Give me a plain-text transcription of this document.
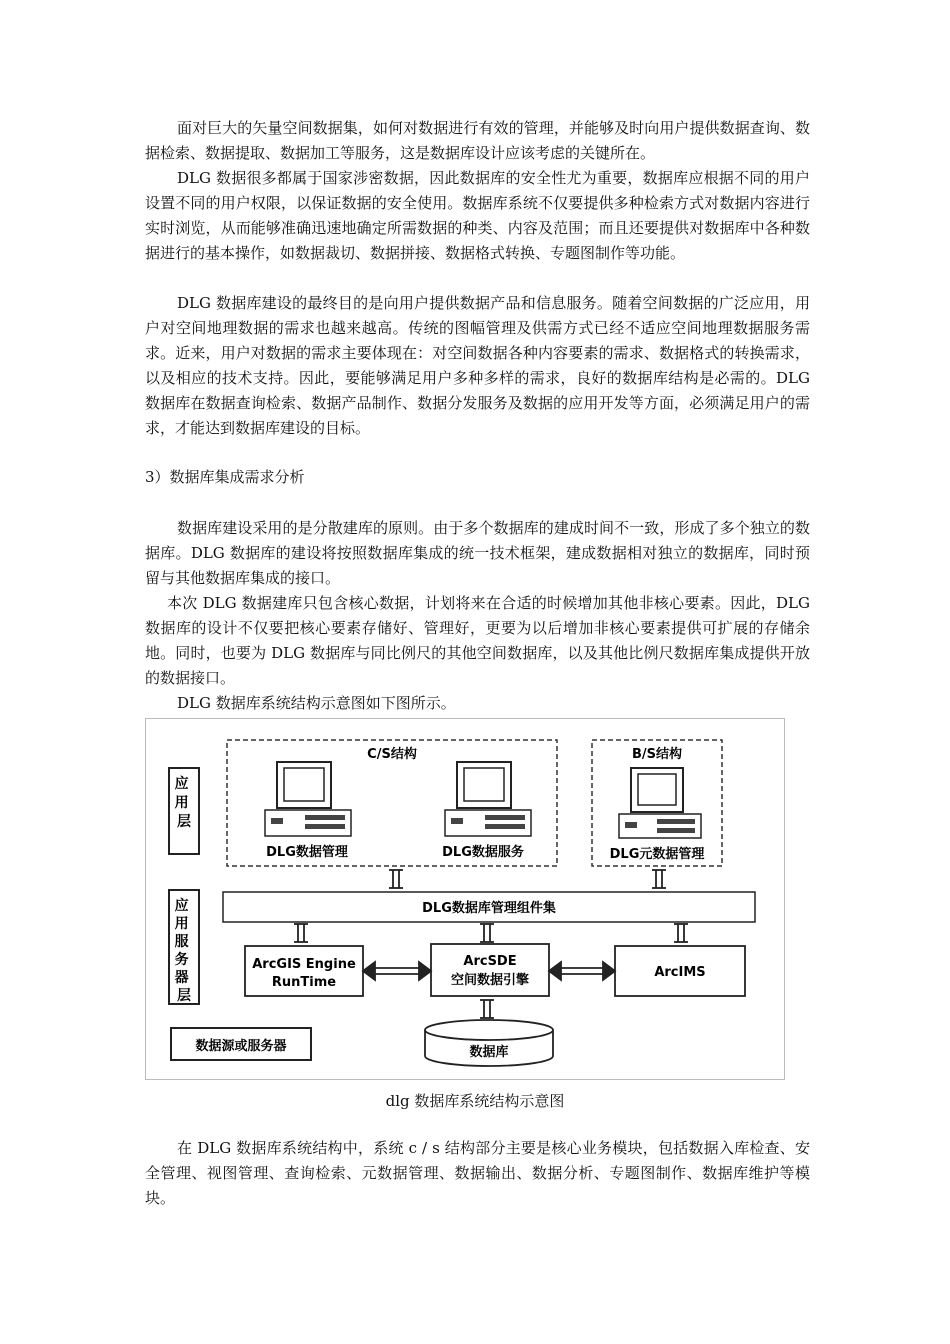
面对巨大的矢量空间数据集，如何对数据进行有效的管理，并能够及时向用户提供数据查询、数据检索、数据提取、数据加工等服务，这是数据库设计应该考虑的关键所在。

DLG 数据很多都属于国家涉密数据，因此数据库的安全性尤为重要，数据库应根据不同的用户设置不同的用户权限，以保证数据的安全使用。数据库系统不仅要提供多种检索方式对数据内容进行实时浏览，从而能够准确迅速地确定所需数据的种类、内容及范围；而且还要提供对数据库中各种数据进行的基本操作，如数据裁切、数据拼接、数据格式转换、专题图制作等功能。

DLG 数据库建设的最终目的是向用户提供数据产品和信息服务。随着空间数据的广泛应用，用户对空间地理数据的需求也越来越高。传统的图幅管理及供需方式已经不适应空间地理数据服务需求。近来，用户对数据的需求主要体现在：对空间数据各种内容要素的需求、数据格式的转换需求，以及相应的技术支持。因此，要能够满足用户多种多样的需求，良好的数据库结构是必需的。DLG 数据库在数据查询检索、数据产品制作、数据分发服务及数据的应用开发等方面，必须满足用户的需求，才能达到数据库建设的目标。

3）数据库集成需求分析

数据库建设采用的是分散建库的原则。由于多个数据库的建成时间不一致，形成了多个独立的数据库。DLG 数据库的建设将按照数据库集成的统一技术框架，建成数据相对独立的数据库，同时预留与其他数据库集成的接口。

本次 DLG 数据建库只包含核心数据，计划将来在合适的时候增加其他非核心要素。因此，DLG 数据库的设计不仅要把核心要素存储好、管理好，更要为以后增加非核心要素提供可扩展的存储余地。同时，也要为 DLG 数据库与同比例尺的其他空间数据库，以及其他比例尺数据库集成提供开放的数据接口。

DLG 数据库系统结构示意图如下图所示。

应 用 层
应 用 服 务 器 层
C/S结构	B/S结构
DLG数据管理	DLG数据服务	DLG元数据管理
DLG数据库管理组件集
ArcGIS Engine
RunTime
ArcSDE
空间数据引擎
ArcIMS
数据库
数据源或服务器
dlg 数据库系统结构示意图

在 DLG 数据库系统结构中，系统 c / s 结构部分主要是核心业务模块，包括数据入库检查、安全管理、视图管理、查询检索、元数据管理、数据输出、数据分析、专题图制作、数据库维护等模块。
